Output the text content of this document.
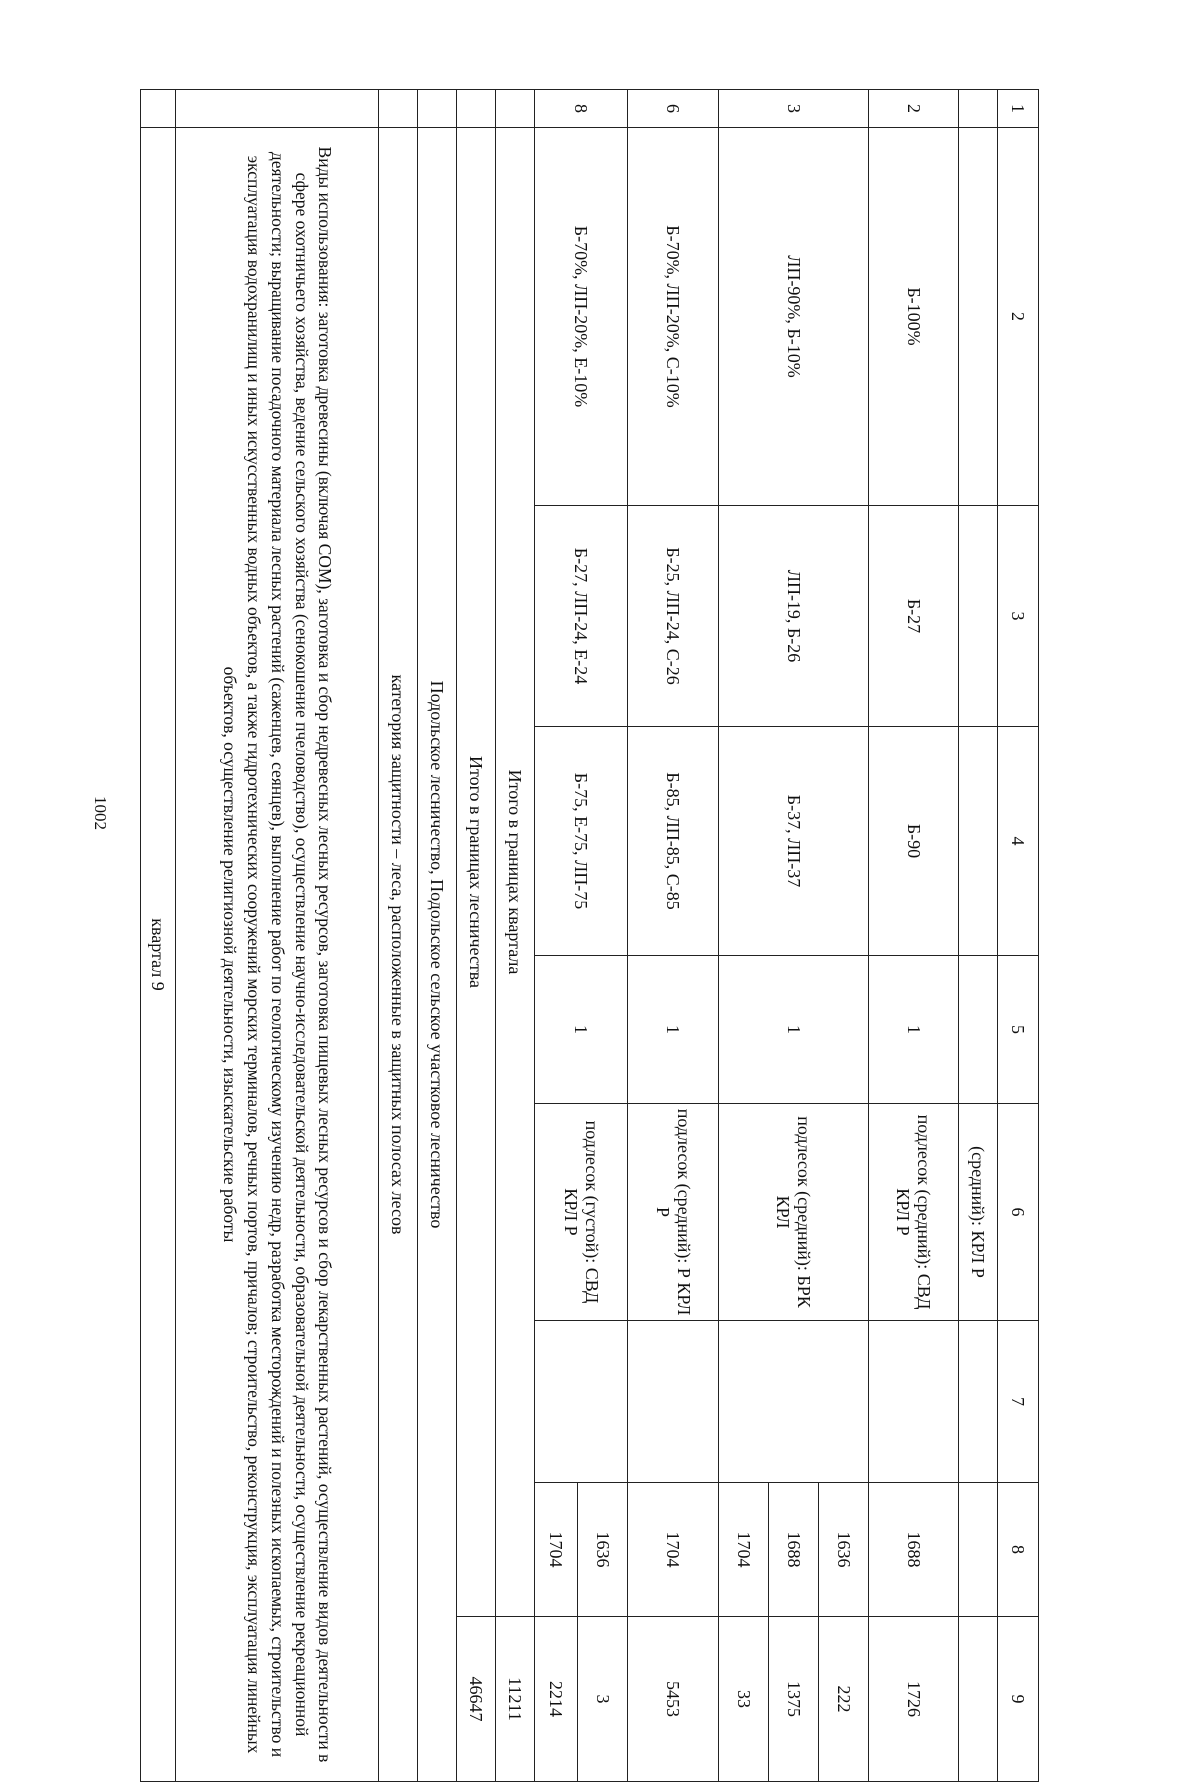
1002
1	2	3	4	5	6	7	8	9
					(средний): КРЛ Р			
2	Б-100%	Б-27	Б-90	1	подлесок (средний): СВД КРЛ Р		1688	1726
3	ЛП-90%, Б-10%	ЛП-19, Б-26	Б-37, ЛП-37	1	подлесок (средний): БРК КРЛ		1636	222
							1688	1375
							1704	33
6	Б-70%, ЛП-20%, С-10%	Б-25, ЛП-24, С-26	Б-85, ЛП-85, С-85	1	подлесок (средний): Р КРЛ Р		1704	5453
8	Б-70%, ЛП-20%, Е-10%	Б-27, ЛП-24, Е-24	Б-75, Е-75, ЛП-75	1	подлесок (густой): СВД КРЛ Р		1636	3
							1704	2214
	Итого в границах квартала							11211
	Итого в границах лесничества							46647
	Подольское лесничество, Подольское сельское участковое лесничество							
	категория защитности – леса, расположенные в защитных полосах лесов							
	Виды использования: заготовка древесины (включая СОМ), заготовка и сбор недревесных лесных ресурсов, заготовка пищевых лесных ресурсов и сбор лекарственных растений, осуществление видов деятельности в сфере охотничьего хозяйства, ведение сельского хозяйства (сенокошение пчеловодство), осуществление научно-исследовательской деятельности, образовательной деятельности, осуществление рекреационной деятельности; выращивание посадочного материала лесных растений (саженцев, сеянцев), выполнение работ по геологическому изучению недр, разработка месторождений и полезных ископаемых, строительство и эксплуатация водохранилищ и иных искусственных водных объектов, а также гидротехнических сооружений морских терминалов, речных портов, причалов; строительство, реконструкция, эксплуатация линейных объектов, осуществление религиозной деятельности, изыскательские работы							
	квартал 9							
